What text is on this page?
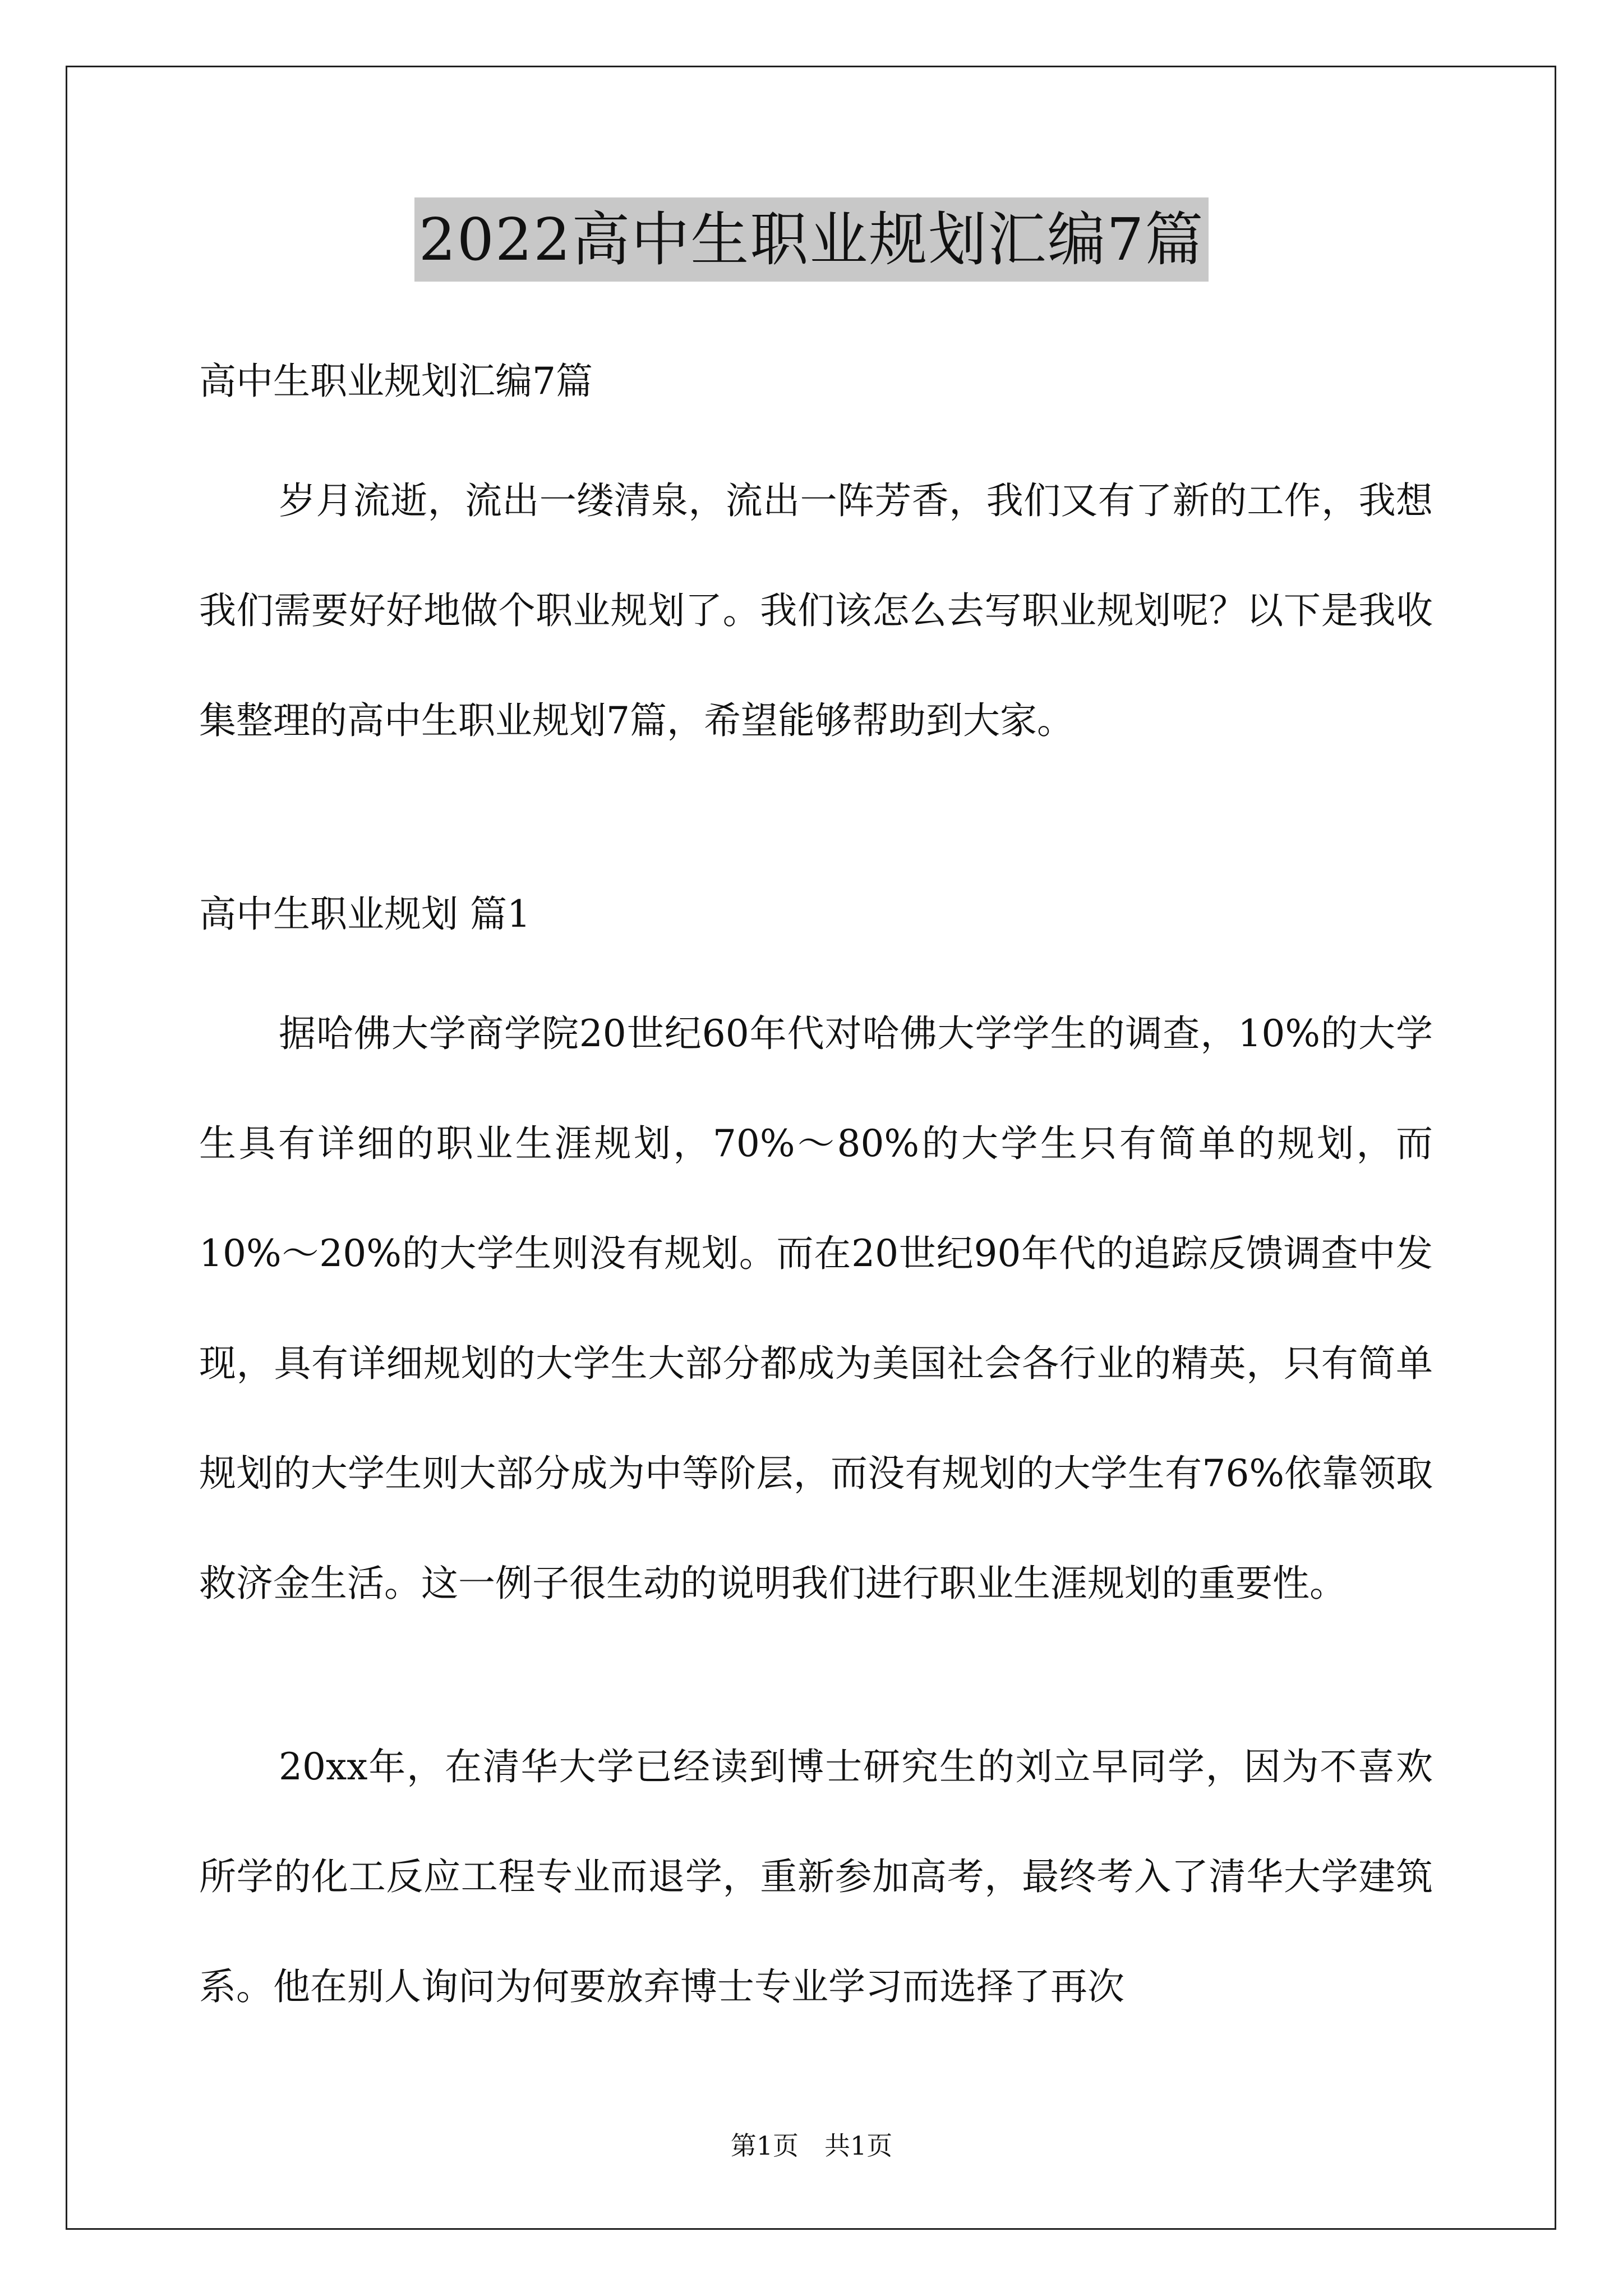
2022高中生职业规划汇编7篇
高中生职业规划汇编7篇

岁月流逝，流出一缕清泉，流出一阵芳香，我们又有了新的工作，我想我们需要好好地做个职业规划了。我们该怎么去写职业规划呢？以下是我收集整理的高中生职业规划7篇，希望能够帮助到大家。

高中生职业规划 篇1

据哈佛大学商学院20世纪60年代对哈佛大学学生的调查，10%的大学生具有详细的职业生涯规划，70%～80%的大学生只有简单的规划，而10%～20%的大学生则没有规划。而在20世纪90年代的追踪反馈调查中发现，具有详细规划的大学生大部分都成为美国社会各行业的精英，只有简单规划的大学生则大部分成为中等阶层，而没有规划的大学生有76%依靠领取救济金生活。这一例子很生动的说明我们进行职业生涯规划的重要性。

20xx年，在清华大学已经读到博士研究生的刘立早同学，因为不喜欢所学的化工反应工程专业而退学，重新参加高考，最终考入了清华大学建筑系。他在别人询问为何要放弃博士专业学习而选择了再次

第1页　共1页
